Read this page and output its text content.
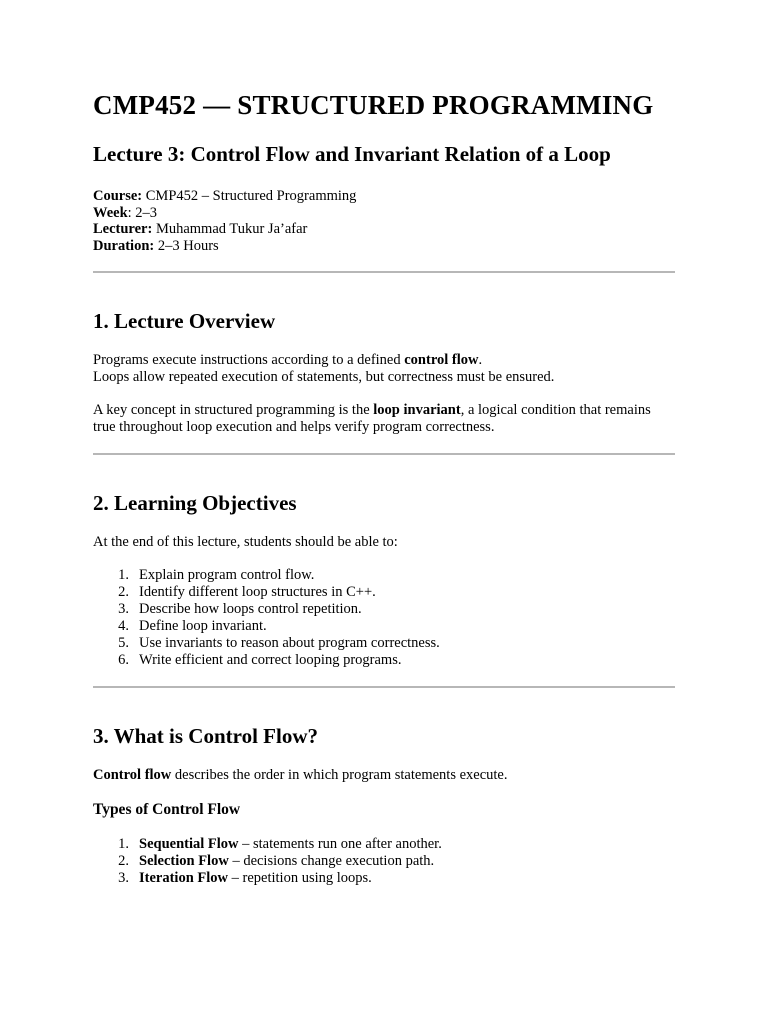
CMP452 — STRUCTURED PROGRAMMING
Lecture 3: Control Flow and Invariant Relation of a Loop
Course: CMP452 – Structured Programming
Week: 2–3
Lecturer: Muhammad Tukur Ja’afar
Duration: 2–3 Hours
1. Lecture Overview

Programs execute instructions according to a defined control flow.
Loops allow repeated execution of statements, but correctness must be ensured.

A key concept in structured programming is the loop invariant, a logical condition that remains true throughout loop execution and helps verify program correctness.

2. Learning Objectives

At the end of this lecture, students should be able to:

1. Explain program control flow.
2. Identify different loop structures in C++.
3. Describe how loops control repetition.
4. Define loop invariant.
5. Use invariants to reason about program correctness.
6. Write efficient and correct looping programs.
3. What is Control Flow?

Control flow describes the order in which program statements execute.

Types of Control Flow
1. Sequential Flow – statements run one after another.
2. Selection Flow – decisions change execution path.
3. Iteration Flow – repetition using loops.
